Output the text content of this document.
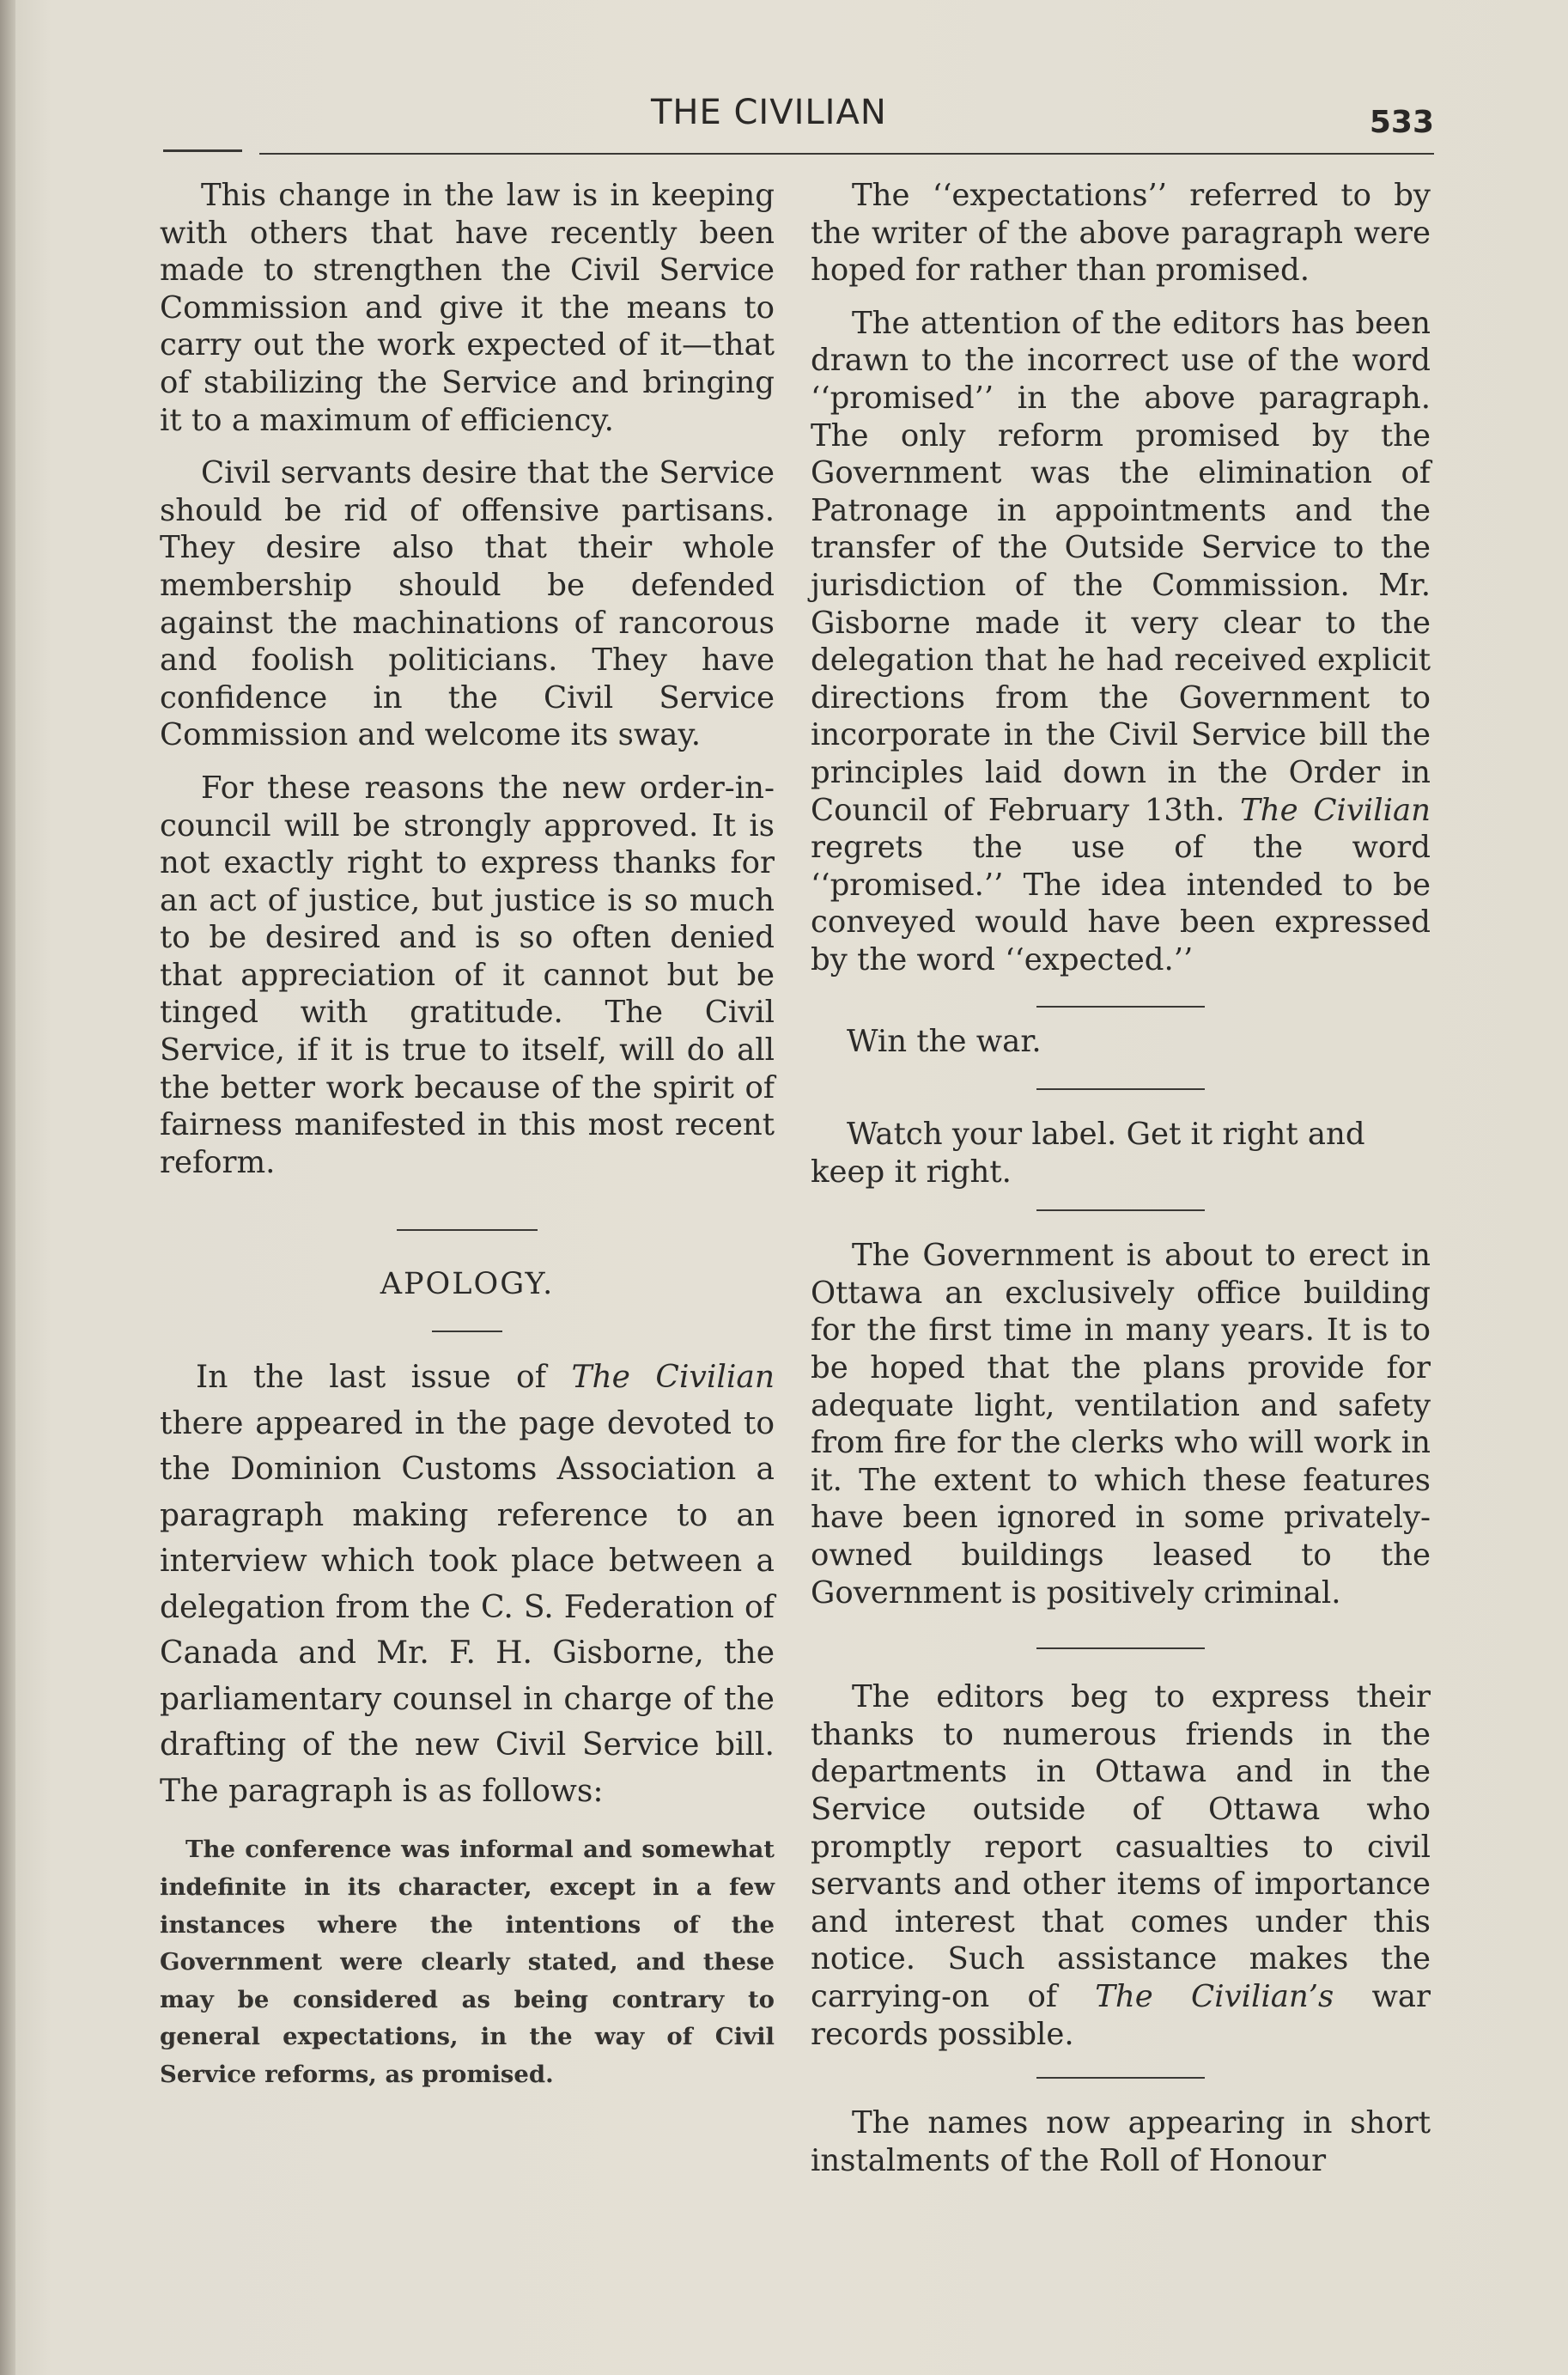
THE CIVILIAN	533

This change in the law is in keeping with others that have recently been made to strengthen the Civil Service Commission and give it the means to carry out the work expected of it—that of stabilizing the Service and bringing it to a maximum of efficiency.

Civil servants desire that the Service should be rid of offensive partisans. They desire also that their whole membership should be defended against the machinations of rancorous and foolish politicians. They have confidence in the Civil Service Commission and welcome its sway.

For these reasons the new order-in-council will be strongly approved. It is not exactly right to express thanks for an act of justice, but justice is so much to be desired and is so often denied that appreciation of it cannot but be tinged with gratitude. The Civil Service, if it is true to itself, will do all the better work because of the spirit of fairness manifested in this most recent reform.

APOLOGY.

In the last issue of The Civilian there appeared in the page devoted to the Dominion Customs Association a paragraph making reference to an interview which took place between a delegation from the C. S. Federation of Canada and Mr. F. H. Gisborne, the parliamentary counsel in charge of the drafting of the new Civil Service bill. The paragraph is as follows:

The conference was informal and somewhat indefinite in its character, except in a few instances where the intentions of the Government were clearly stated, and these may be considered as being contrary to general expectations, in the way of Civil Service reforms, as promised.

The ‘‘expectations’’ referred to by the writer of the above paragraph were hoped for rather than promised.

The attention of the editors has been drawn to the incorrect use of the word ‘‘promised’’ in the above paragraph. The only reform promised by the Government was the elimination of Patronage in appointments and the transfer of the Outside Service to the jurisdiction of the Commission. Mr. Gisborne made it very clear to the delegation that he had received explicit directions from the Government to incorporate in the Civil Service bill the principles laid down in the Order in Council of February 13th. The Civilian regrets the use of the word ‘‘promised.’’ The idea intended to be conveyed would have been expressed by the word ‘‘expected.’’

Win the war.

Watch your label. Get it right and keep it right.

The Government is about to erect in Ottawa an exclusively office building for the first time in many years. It is to be hoped that the plans provide for adequate light, ventilation and safety from fire for the clerks who will work in it. The extent to which these features have been ignored in some privately-owned buildings leased to the Government is positively criminal.

The editors beg to express their thanks to numerous friends in the departments in Ottawa and in the Service outside of Ottawa who promptly report casualties to civil servants and other items of importance and interest that comes under this notice. Such assistance makes the carrying-on of The Civilian’s war records possible.

The names now appearing in short instalments of the Roll of Honour
